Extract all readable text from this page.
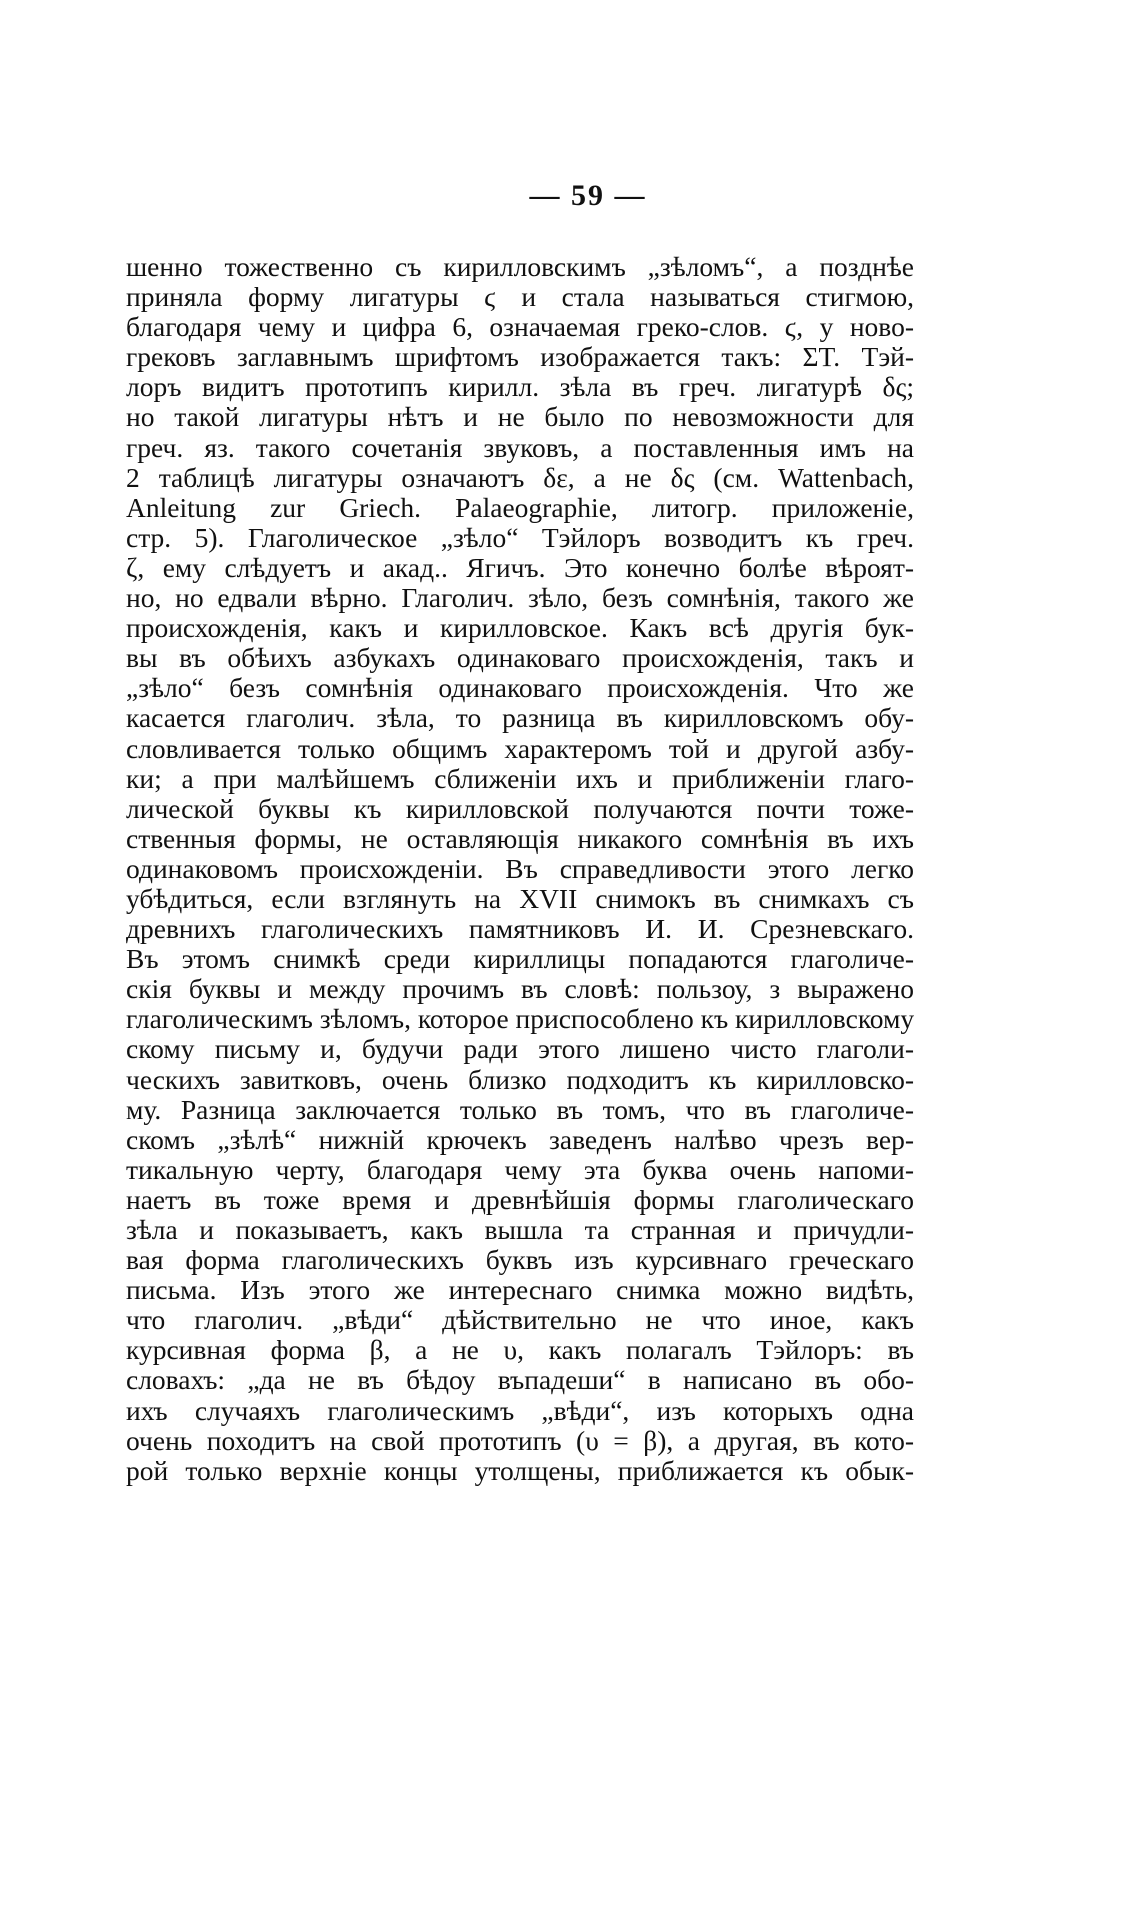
— 59 —
шенно тожественно съ кирилловскимъ „зѣломъ“, а позднѣе
приняла форму лигатуры ϛ и стала называться стигмою,
благодаря чему и цифра 6, означаемая греко-слов. ϛ, у ново-
грековъ заглавнымъ шрифтомъ изображается такъ: ΣΤ. Тэй-
лоръ видитъ прототипъ кирилл. зѣла въ греч. лигатурѣ δς;
но такой лигатуры нѣтъ и не было по невозможности для
греч. яз. такого сочетанія звуковъ, а поставленныя имъ на
2 таблицѣ лигатуры означаютъ δε, а не δς (см. Wattenbach,
Anleitung zur Griech. Palaeographie, литогр. приложеніе,
стр. 5). Глаголическое „зѣло“ Тэйлоръ возводитъ къ греч.
ζ, ему слѣдуетъ и акад.. Ягичъ. Это конечно болѣе вѣроят-
но, но едвали вѣрно. Глаголич. зѣло, безъ сомнѣнія, такого же
происхожденія, какъ и кирилловское. Какъ всѣ другія бук-
вы въ обѣихъ азбукахъ одинаковаго происхожденія, такъ и
„зѣло“ безъ сомнѣнія одинаковаго происхожденія. Что же
касается глаголич. зѣла, то разница въ кирилловскомъ обу-
словливается только общимъ характеромъ той и другой азбу-
ки; а при малѣйшемъ сближеніи ихъ и приближеніи глаго-
лической буквы къ кирилловской получаются почти тоже-
ственныя формы, не оставляющія никакого сомнѣнія въ ихъ
одинаковомъ происхожденіи. Въ справедливости этого легко
убѣдиться, если взглянуть на XVII снимокъ въ снимкахъ съ
древнихъ глаголическихъ памятниковъ И. И. Срезневскаго.
Въ этомъ снимкѣ среди кириллицы попадаются глаголиче-
скія буквы и между прочимъ въ словѣ: пользоу, з выражено
глаголическимъ зѣломъ, которое приспособлено къ кирилловскому
скому письму и, будучи ради этого лишено чисто глаголи-
ческихъ завитковъ, очень близко подходитъ къ кирилловско-
му. Разница заключается только въ томъ, что въ глаголиче-
скомъ „зѣлѣ“ нижній крючекъ заведенъ налѣво чрезъ вер-
тикальную черту, благодаря чему эта буква очень напоми-
наетъ въ тоже время и древнѣйшія формы глаголическаго
зѣла и показываетъ, какъ вышла та странная и причудли-
вая форма глаголическихъ буквъ изъ курсивнаго греческаго
письма. Изъ этого же интереснаго снимка можно видѣть,
что глаголич. „вѣди“ дѣйствительно не что иное, какъ
курсивная форма β, а не υ, какъ полагалъ Тэйлоръ: въ
словахъ: „да не въ бѣдоу въпадеши“ в написано въ обо-
ихъ случаяхъ глаголическимъ „вѣди“, изъ которыхъ одна
очень походитъ на свой прототипъ (υ = β), а другая, въ кото-
рой только верхніе концы утолщены, приближается къ обык-
